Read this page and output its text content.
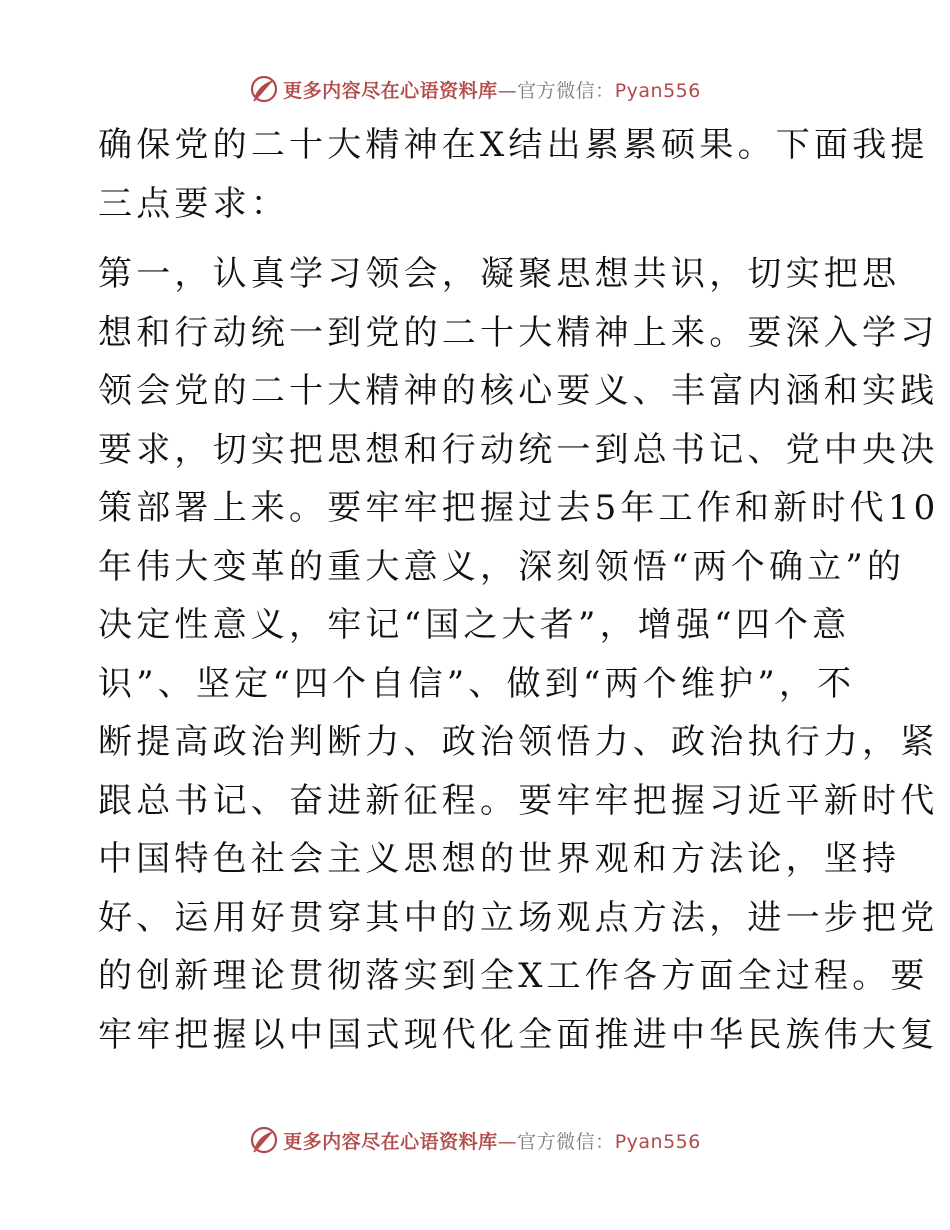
更多内容尽在心语资料库—官方微信：Pyan556
确保党的二十大精神在X结出累累硕果。下面我提
三点要求：
第一，认真学习领会，凝聚思想共识，切实把思
想和行动统一到党的二十大精神上来。要深入学习
领会党的二十大精神的核心要义、丰富内涵和实践
要求，切实把思想和行动统一到总书记、党中央决
策部署上来。要牢牢把握过去5年工作和新时代10
年伟大变革的重大意义，深刻领悟“两个确立”的
决定性意义，牢记“国之大者”，增强“四个意
识”、坚定“四个自信”、做到“两个维护”，不
断提高政治判断力、政治领悟力、政治执行力，紧
跟总书记、奋进新征程。要牢牢把握习近平新时代
中国特色社会主义思想的世界观和方法论，坚持
好、运用好贯穿其中的立场观点方法，进一步把党
的创新理论贯彻落实到全X工作各方面全过程。要
牢牢把握以中国式现代化全面推进中华民族伟大复
更多内容尽在心语资料库—官方微信：Pyan556
